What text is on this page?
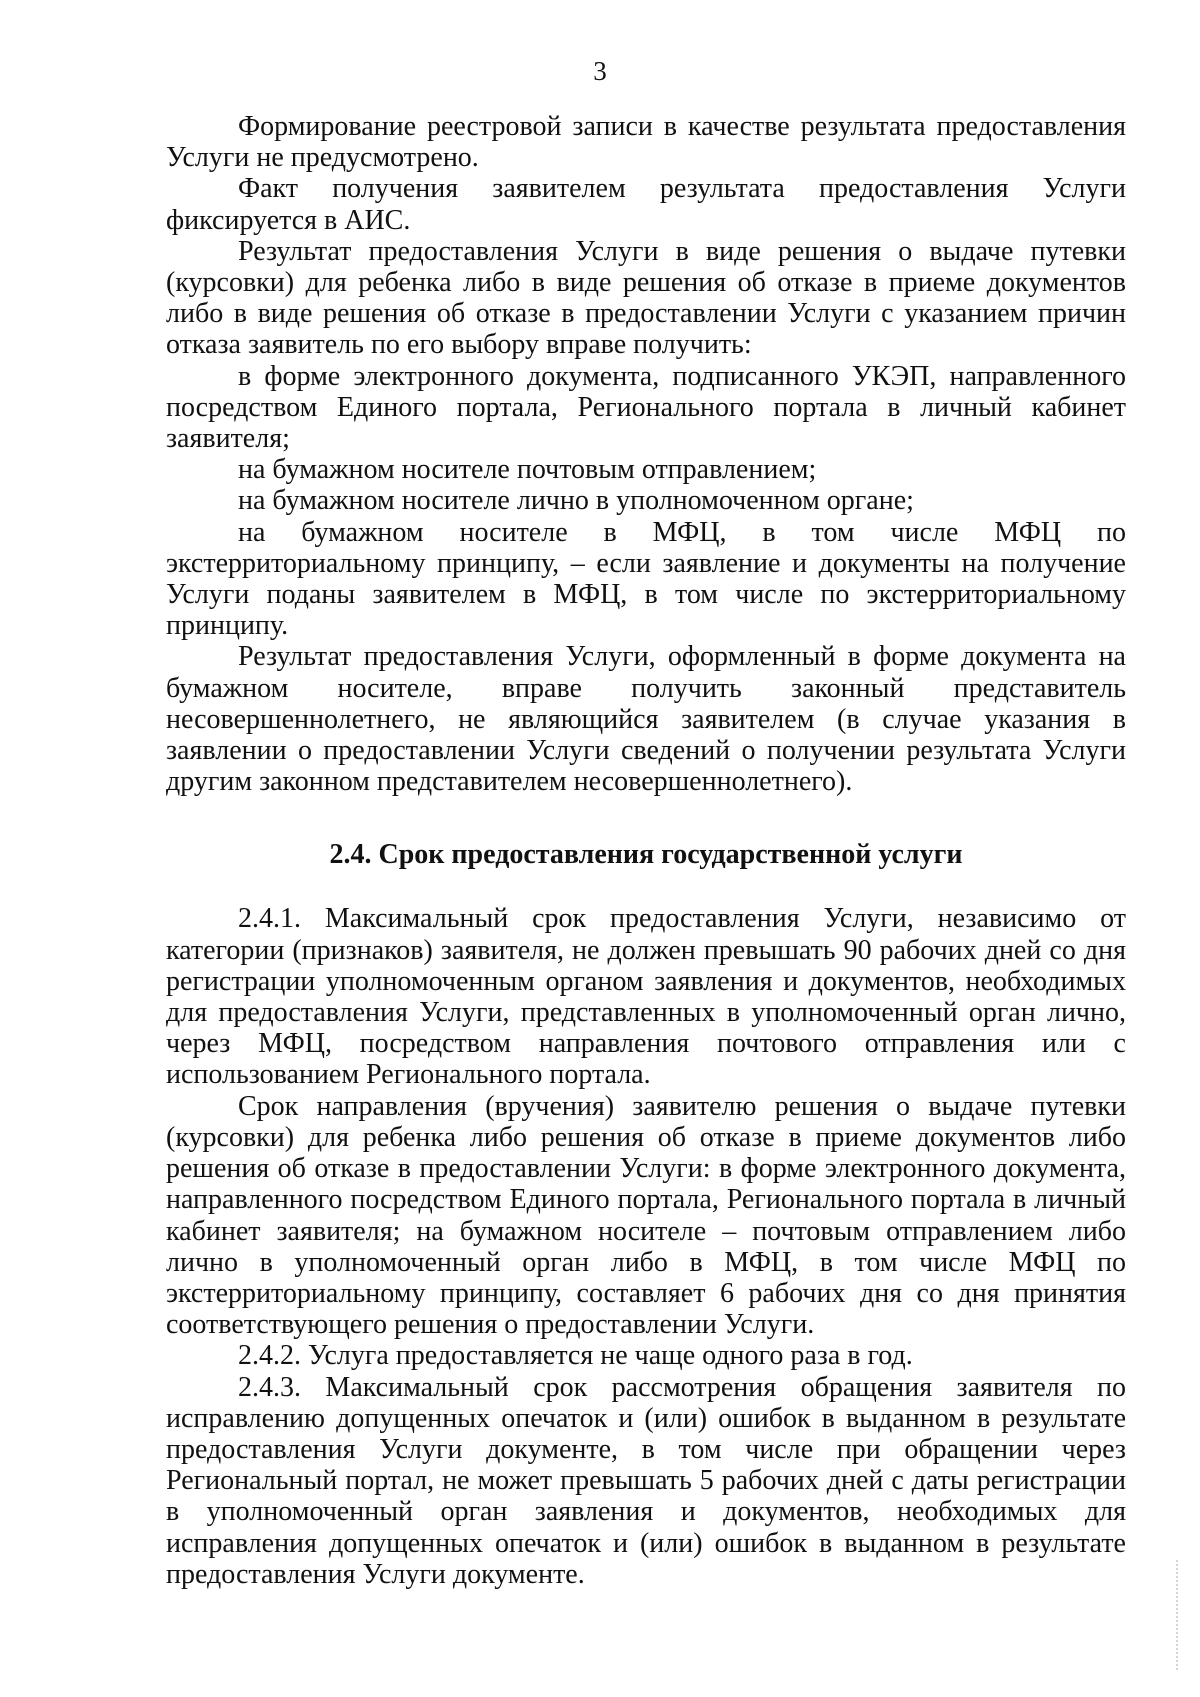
3

Формирование реестровой записи в качестве результата предоставления Услуги не предусмотрено.

Факт получения заявителем результата предоставления Услуги фиксируется в АИС.

Результат предоставления Услуги в виде решения о выдаче путевки (курсовки) для ребенка либо в виде решения об отказе в приеме документов либо в виде решения об отказе в предоставлении Услуги с указанием причин отказа заявитель по его выбору вправе получить:

в форме электронного документа, подписанного УКЭП, направленного посредством Единого портала, Регионального портала в личный кабинет заявителя;

на бумажном носителе почтовым отправлением;

на бумажном носителе лично в уполномоченном органе;

на бумажном носителе в МФЦ, в том числе МФЦ по экстерриториальному принципу, – если заявление и документы на получение Услуги поданы заявителем в МФЦ, в том числе по экстерриториальному принципу.

Результат предоставления Услуги, оформленный в форме документа на бумажном носителе, вправе получить законный представитель несовершеннолетнего, не являющийся заявителем (в случае указания в заявлении о предоставлении Услуги сведений о получении результата Услуги другим законном представителем несовершеннолетнего).

2.4. Срок предоставления государственной услуги

2.4.1. Максимальный срок предоставления Услуги, независимо от категории (признаков) заявителя, не должен превышать 90 рабочих дней со дня регистрации уполномоченным органом заявления и документов, необходимых для предоставления Услуги, представленных в уполномоченный орган лично, через МФЦ, посредством направления почтового отправления или с использованием Регионального портала.

Срок направления (вручения) заявителю решения о выдаче путевки (курсовки) для ребенка либо решения об отказе в приеме документов либо решения об отказе в предоставлении Услуги: в форме электронного документа, направленного посредством Единого портала, Регионального портала в личный кабинет заявителя; на бумажном носителе – почтовым отправлением либо лично в уполномоченный орган либо в МФЦ, в том числе МФЦ по экстерриториальному принципу, составляет 6 рабочих дня со дня принятия соответствующего решения о предоставлении Услуги.

2.4.2. Услуга предоставляется не чаще одного раза в год.

2.4.3. Максимальный срок рассмотрения обращения заявителя по исправлению допущенных опечаток и (или) ошибок в выданном в результате предоставления Услуги документе, в том числе при обращении через Региональный портал, не может превышать 5 рабочих дней с даты регистрации в уполномоченный орган заявления и документов, необходимых для исправления допущенных опечаток и (или) ошибок в выданном в результате предоставления Услуги документе.
